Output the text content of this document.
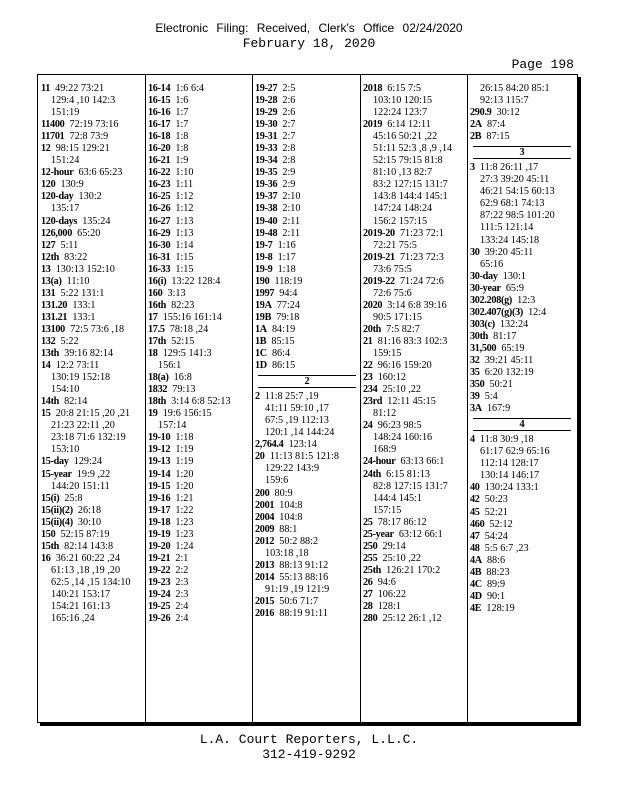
Electronic Filing: Received, Clerk's Office 02/24/2020
February 18, 2020
Page 198
11 49:22 73:21
129:4 ,10 142:3
151:19
11400 72:19 73:16
11701 72:8 73:9
12 98:15 129:21
151:24
12-hour 63:6 65:23
120 130:9
120-day 130:2
135:17
120-days 135:24
126,000 65:20
127 5:11
12th 83:22
13 130:13 152:10
13(a) 11:10
131 5:22 131:1
131.20 133:1
131.21 133:1
13100 72:5 73:6 ,18
132 5:22
13th 39:16 82:14
14 12:2 73:11
130:19 152:18
154:10
14th 82:14
15 20:8 21:15 ,20 ,21
21:23 22:11 ,20
23:18 71:6 132:19
153:10
15-day 129:24
15-year 19:9 ,22
144:20 151:11
15(i) 25:8
15(ii)(2) 26:18
15(ii)(4) 30:10
150 52:15 87:19
15th 82:14 143:8
16 36:21 60:22 ,24
61:13 ,18 ,19 ,20
62:5 ,14 ,15 134:10
140:21 153:17
154:21 161:13
165:16 ,24
16-14 1:6 6:4
16-15 1:6
16-16 1:7
16-17 1:7
16-18 1:8
16-20 1:8
16-21 1:9
16-22 1:10
16-23 1:11
16-25 1:12
16-26 1:12
16-27 1:13
16-29 1:13
16-30 1:14
16-31 1:15
16-33 1:15
16(i) 13:22 128:4
160 3:13
16th 82:23
17 155:16 161:14
17.5 78:18 ,24
17th 52:15
18 129:5 141:3
156:1
18(a) 16:8
1832 79:13
18th 3:14 6:8 52:13
19 19:6 156:15
157:14
19-10 1:18
19-12 1:19
19-13 1:19
19-14 1:20
19-15 1:20
19-16 1:21
19-17 1:22
19-18 1:23
19-19 1:23
19-20 1:24
19-21 2:1
19-22 2:2
19-23 2:3
19-24 2:3
19-25 2:4
19-26 2:4
19-27 2:5
19-28 2:6
19-29 2:6
19-30 2:7
19-31 2:7
19-33 2:8
19-34 2:8
19-35 2:9
19-36 2:9
19-37 2:10
19-38 2:10
19-40 2:11
19-48 2:11
19-7 1:16
19-8 1:17
19-9 1:18
190 118:19
1997 94:4
19A 77:24
19B 79:18
1A 84:19
1B 85:15
1C 86:4
1D 86:15
2
2 11:8 25:7 ,19
41:11 59:10 ,17
67:5 ,19 112:13
120:1 ,14 144:24
2,764.4 123:14
20 11:13 81:5 121:8
129:22 143:9
159:6
200 80:9
2001 104:8
2004 104:8
2009 88:1
2012 50:2 88:2
103:18 ,18
2013 88:13 91:12
2014 55:13 88:16
91:19 ,19 121:9
2015 50:6 71:7
2016 88:19 91:11
2018 6:15 7:5
103:10 120:15
122:24 123:7
2019 6:14 12:11
45:16 50:21 ,22
51:11 52:3 ,8 ,9 ,14
52:15 79:15 81:8
81:10 ,13 82:7
83:2 127:15 131:7
143:8 144:4 145:1
147:24 148:24
156:2 157:15
2019-20 71:23 72:1
72:21 75:5
2019-21 71:23 72:3
73:6 75:5
2019-22 71:24 72:6
72:6 75:6
2020 3:14 6:8 39:16
90:5 171:15
20th 7:5 82:7
21 81:16 83:3 102:3
159:15
22 96:16 159:20
23 160:12
234 25:10 ,22
23rd 12:11 45:15
81:12
24 96:23 98:5
148:24 160:16
168:9
24-hour 63:13 66:1
24th 6:15 81:13
82:8 127:15 131:7
144:4 145:1
157:15
25 78:17 86:12
25-year 63:12 66:1
250 29:14
255 25:10 ,22
25th 126:21 170:2
26 94:6
27 106:22
28 128:1
280 25:12 26:1 ,12
26:15 84:20 85:1
92:13 115:7
290.9 30:12
2A 87:4
2B 87:15
3
3 11:8 26:11 ,17
27:3 39:20 45:11
46:21 54:15 60:13
62:9 68:1 74:13
87:22 98:5 101:20
111:5 121:14
133:24 145:18
30 39:20 45:11
65:16
30-day 130:1
30-year 65:9
302.208(g) 12:3
302.407(g)(3) 12:4
303(c) 132:24
30th 81:17
31,500 65:19
32 39:21 45:11
35 6:20 132:19
350 50:21
39 5:4
3A 167:9
4
4 11:8 30:9 ,18
61:17 62:9 65:16
112:14 128:17
130:14 146:17
40 130:24 133:1
42 50:23
45 52:21
460 52:12
47 54:24
48 5:5 6:7 ,23
4A 88:6
4B 88:23
4C 89:9
4D 90:1
4E 128:19
L.A. Court Reporters, L.L.C.
312-419-9292
